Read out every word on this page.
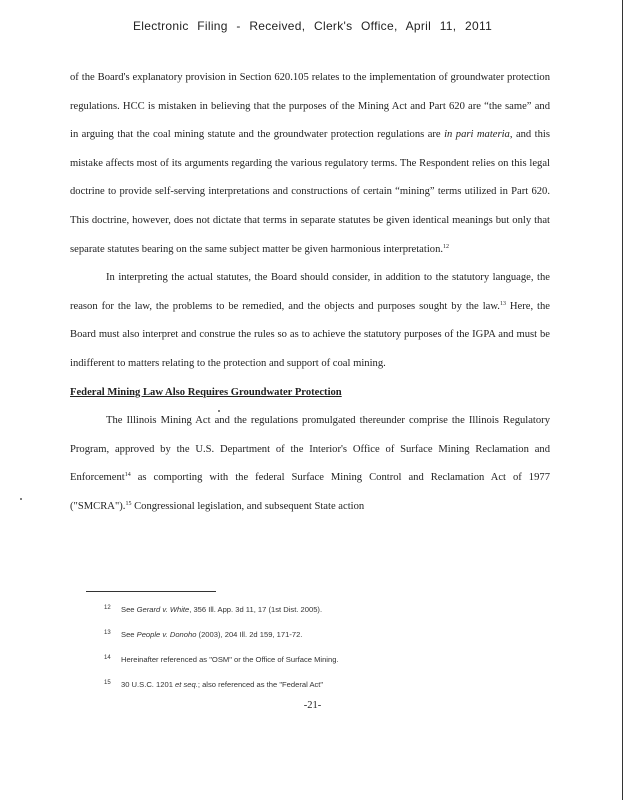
Electronic Filing - Received, Clerk's Office, April 11, 2011

of the Board's explanatory provision in Section 620.105 relates to the implementation of groundwater protection regulations. HCC is mistaken in believing that the purposes of the Mining Act and Part 620 are “the same” and in arguing that the coal mining statute and the groundwater protection regulations are in pari materia, and this mistake affects most of its arguments regarding the various regulatory terms. The Respondent relies on this legal doctrine to provide self-serving interpretations and constructions of certain “mining” terms utilized in Part 620. This doctrine, however, does not dictate that terms in separate statutes be given identical meanings but only that separate statutes bearing on the same subject matter be given harmonious interpretation.$^{12}$

In interpreting the actual statutes, the Board should consider, in addition to the statutory language, the reason for the law, the problems to be remedied, and the objects and purposes sought by the law.$^{13}$ Here, the Board must also interpret and construe the rules so as to achieve the statutory purposes of the IGPA and must be indifferent to matters relating to the protection and support of coal mining.

Federal Mining Law Also Requires Groundwater Protection

The Illinois Mining Act and the regulations promulgated thereunder comprise the Illinois Regulatory Program, approved by the U.S. Department of the Interior's Office of Surface Mining Reclamation and Enforcement$^{14}$ as comporting with the federal Surface Mining Control and Reclamation Act of 1977 ("SMCRA").$^{15}$ Congressional legislation, and subsequent State action

12 See Gerard v. White, 356 Ill. App. 3d 11, 17 (1st Dist. 2005).
13 See People v. Donoho (2003), 204 Ill. 2d 159, 171-72.
14 Hereinafter referenced as "OSM" or the Office of Surface Mining.
15 30 U.S.C. 1201 et seq.; also referenced as the "Federal Act"
-21-
